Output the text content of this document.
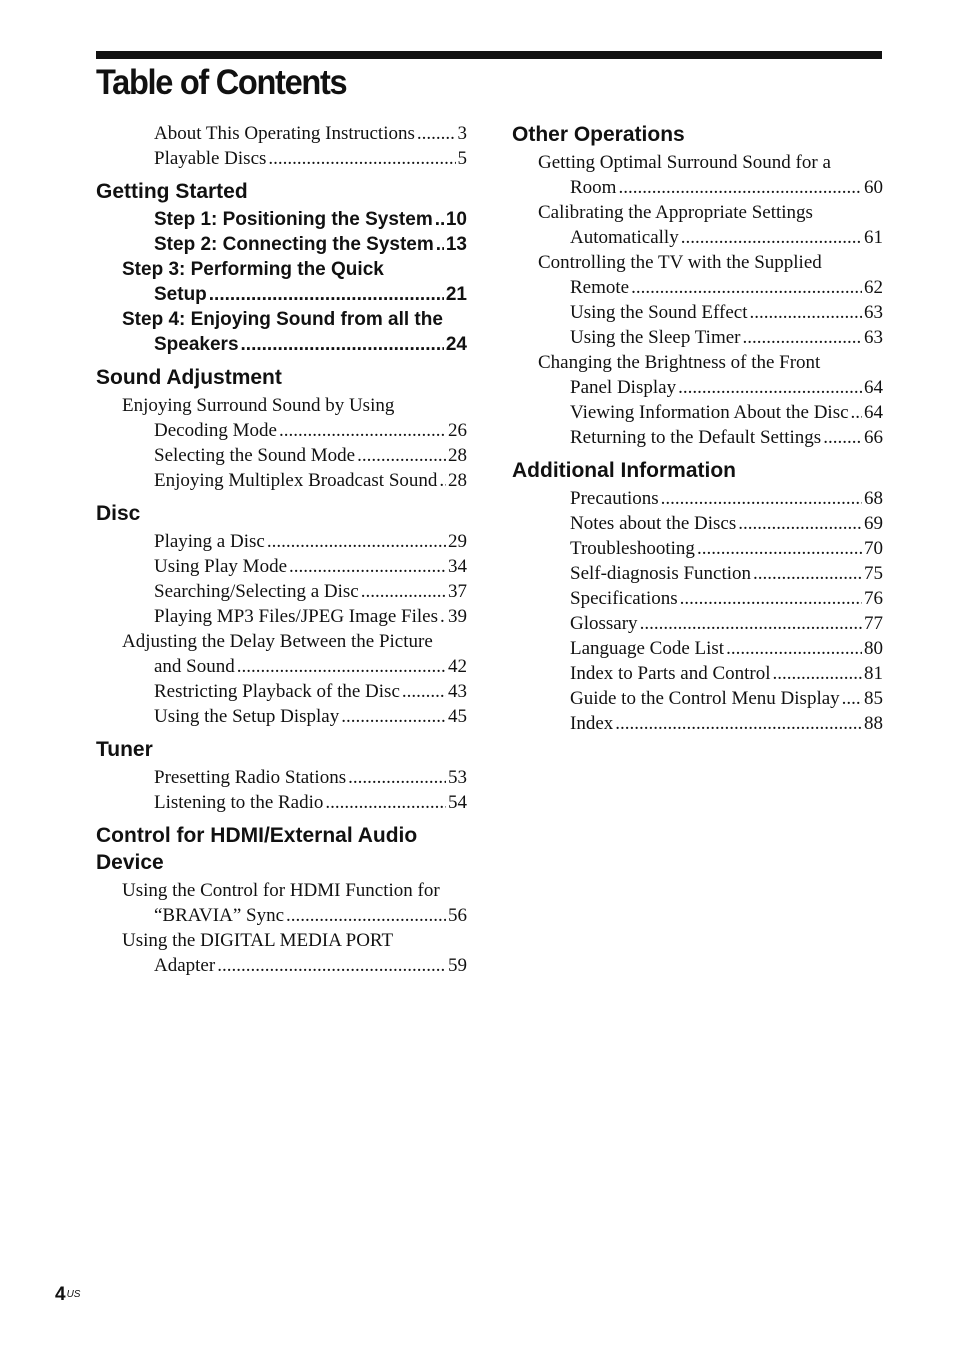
Table of Contents
About This Operating Instructions ..... 3
Playable Discs .....	5
Getting Started
Step 1: Positioning the System ..... 10
Step 2: Connecting the System ..... 13
Step 3: Performing the Quick
Setup .....	21
Step 4: Enjoying Sound from all the
Speakers .....	24
Sound Adjustment
Enjoying Surround Sound by Using
Decoding Mode .....	26
Selecting the Sound Mode .....	28
Enjoying Multiplex Broadcast Sound ..... 28
Disc
Playing a Disc .....	29
Using Play Mode .....	34
Searching/Selecting a Disc .....	37
Playing MP3 Files/JPEG Image Files ..... 39
Adjusting the Delay Between the Picture
and Sound .....	42
Restricting Playback of the Disc .....	43
Using the Setup Display .....	45
Tuner
Presetting Radio Stations .....	53
Listening to the Radio .....	54
Control for HDMI/External Audio Device
Using the Control for HDMI Function for
“BRAVIA” Sync .....	56
Using the DIGITAL MEDIA PORT
Adapter .....	59
Other Operations
Getting Optimal Surround Sound for a
Room .....	60
Calibrating the Appropriate Settings
Automatically .....	61
Controlling the TV with the Supplied
Remote .....	62
Using the Sound Effect .....	63
Using the Sleep Timer .....	63
Changing the Brightness of the Front
Panel Display .....	64
Viewing Information About the Disc ..... 64
Returning to the Default Settings ..... 66
Additional Information
Precautions .....	68
Notes about the Discs .....	69
Troubleshooting .....	70
Self-diagnosis Function .....	75
Specifications .....	76
Glossary .....	77
Language Code List .....	80
Index to Parts and Control .....	81
Guide to the Control Menu Display ..... 85
Index .....	88
$4^{US}$
